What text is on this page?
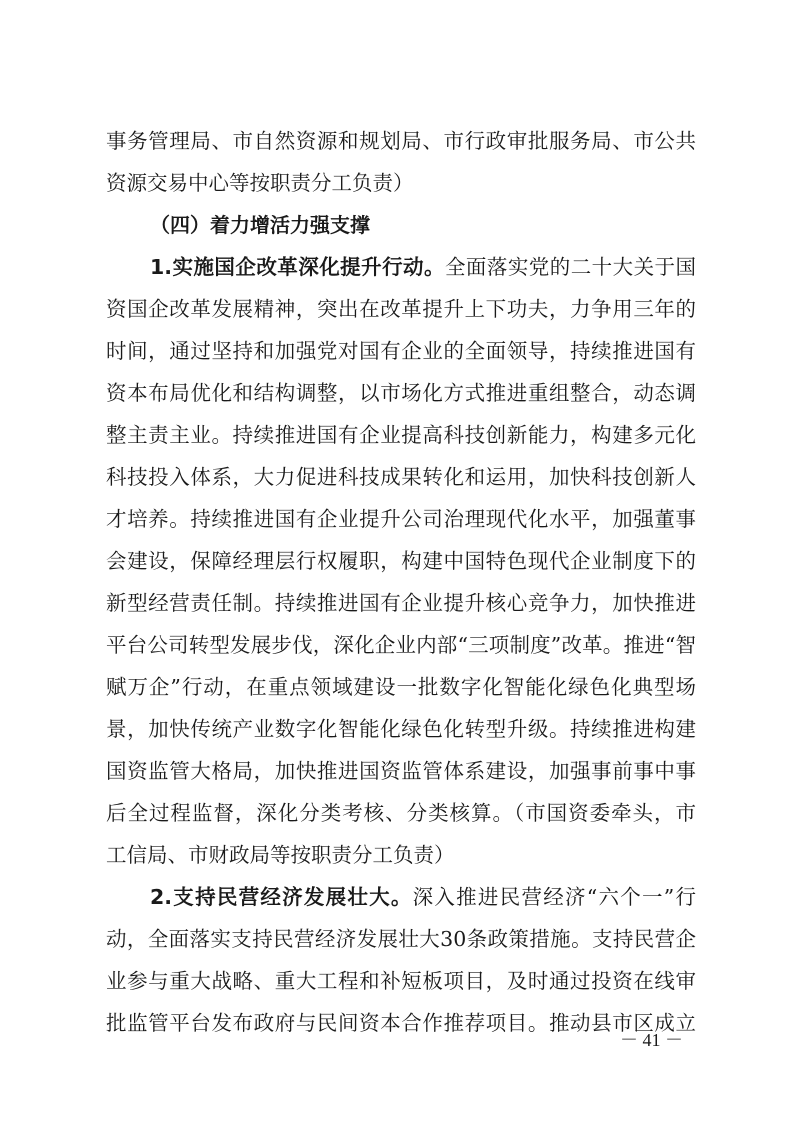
事务管理局、市自然资源和规划局、市行政审批服务局、市公共
资源交易中心等按职责分工负责）
（四）着力增活力强支撑
1.实施国企改革深化提升行动。全面落实党的二十大关于国
资国企改革发展精神，突出在改革提升上下功夫，力争用三年的
时间，通过坚持和加强党对国有企业的全面领导，持续推进国有
资本布局优化和结构调整，以市场化方式推进重组整合，动态调
整主责主业。持续推进国有企业提高科技创新能力，构建多元化
科技投入体系，大力促进科技成果转化和运用，加快科技创新人
才培养。持续推进国有企业提升公司治理现代化水平，加强董事
会建设，保障经理层行权履职，构建中国特色现代企业制度下的
新型经营责任制。持续推进国有企业提升核心竞争力，加快推进
平台公司转型发展步伐，深化企业内部“三项制度”改革。推进“智
赋万企”行动，在重点领域建设一批数字化智能化绿色化典型场
景，加快传统产业数字化智能化绿色化转型升级。持续推进构建
国资监管大格局，加快推进国资监管体系建设，加强事前事中事
后全过程监督，深化分类考核、分类核算。（市国资委牵头，市
工信局、市财政局等按职责分工负责）
2.支持民营经济发展壮大。深入推进民营经济“六个一”行
动，全面落实支持民营经济发展壮大30条政策措施。支持民营企
业参与重大战略、重大工程和补短板项目，及时通过投资在线审
批监管平台发布政府与民间资本合作推荐项目。推动县市区成立
－ 41 －
